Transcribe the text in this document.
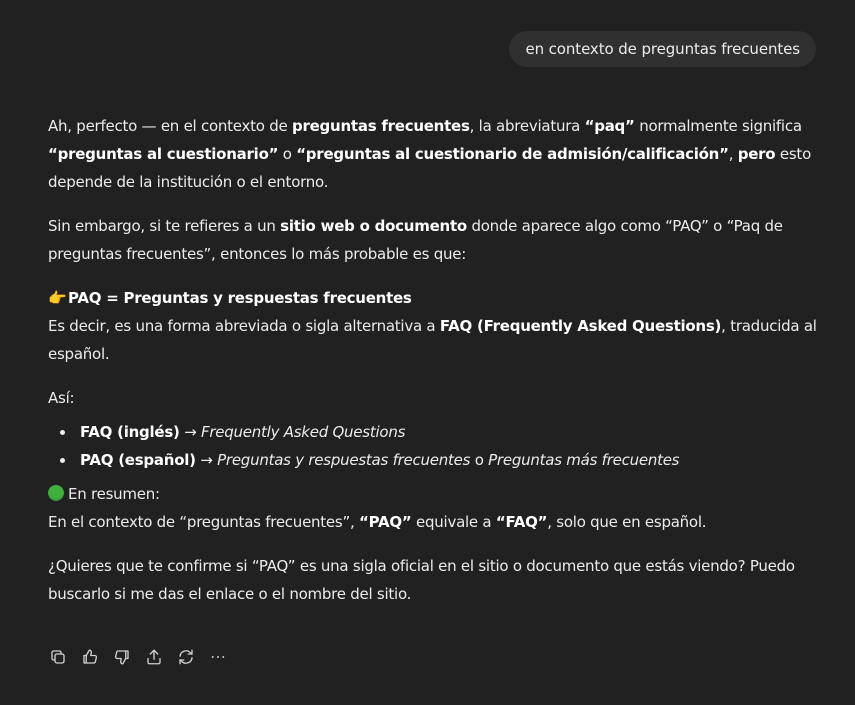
en contexto de preguntas frecuentes

Ah, perfecto — en el contexto de preguntas frecuentes, la abreviatura “paq” normalmente significa
“preguntas al cuestionario” o “preguntas al cuestionario de admisión/calificación”, pero esto depende de la institución o el entorno.

Sin embargo, si te refieres a un sitio web o documento donde aparece algo como “PAQ” o “Paq de preguntas frecuentes”, entonces lo más probable es que:

👉 PAQ = Preguntas y respuestas frecuentes
Es decir, es una forma abreviada o sigla alternativa a FAQ (Frequently Asked Questions), traducida al español.

Así:

FAQ (inglés) → Frequently Asked Questions
PAQ (español) → Preguntas y respuestas frecuentes o Preguntas más frecuentes

En resumen:
En el contexto de “preguntas frecuentes”, “PAQ” equivale a “FAQ”, solo que en español.

¿Quieres que te confirme si “PAQ” es una sigla oficial en el sitio o documento que estás viendo? Puedo buscarlo si me das el enlace o el nombre del sitio.
